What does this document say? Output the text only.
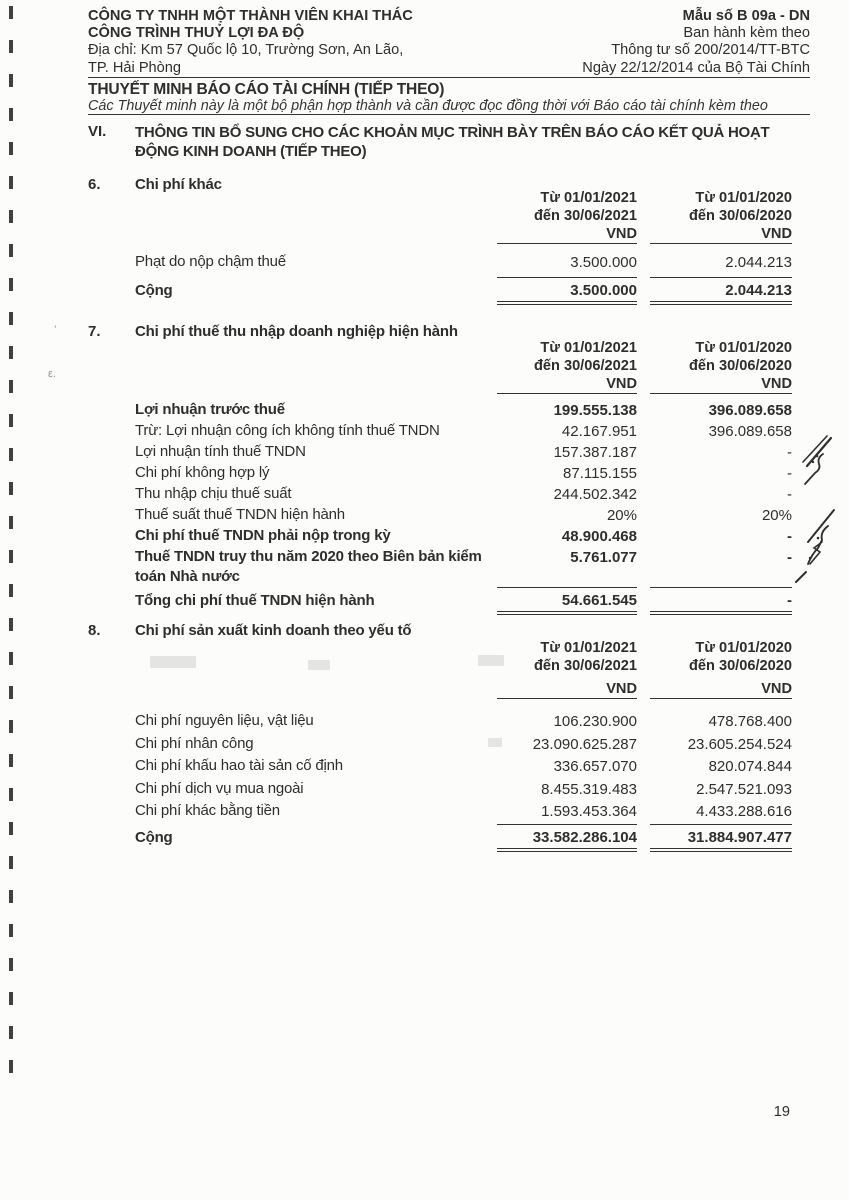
CÔNG TY TNHH MỘT THÀNH VIÊN KHAI THÁC
CÔNG TRÌNH THUỶ LỢI ĐA ĐỘ
Địa chỉ: Km 57 Quốc lộ 10, Trường Sơn, An Lão,
TP. Hải Phòng
Mẫu số B 09a - DN
Ban hành kèm theo
Thông tư số 200/2014/TT-BTC
Ngày 22/12/2014 của Bộ Tài Chính
THUYẾT MINH BÁO CÁO TÀI CHÍNH (TIẾP THEO)
Các Thuyết minh này là một bộ phận hợp thành và cần được đọc đồng thời với Báo cáo tài chính kèm theo
VI.	THÔNG TIN BỔ SUNG CHO CÁC KHOẢN MỤC TRÌNH BÀY TRÊN BÁO CÁO KẾT QUẢ HOẠT ĐỘNG KINH DOANH (TIẾP THEO)
6.	Chi phí khác
Từ 01/01/2021
đến 30/06/2021
VND
Từ 01/01/2020
đến 30/06/2020
VND
Phạt do nộp chậm thuế	3.500.000	2.044.213
Cộng	3.500.000	2.044.213
7.	Chi phí thuế thu nhập doanh nghiệp hiện hành
Từ 01/01/2021
đến 30/06/2021
VND
Từ 01/01/2020
đến 30/06/2020
VND
Lợi nhuận trước thuế	199.555.138	396.089.658
Trừ: Lợi nhuận công ích không tính thuế TNDN	42.167.951	396.089.658
Lợi nhuận tính thuế TNDN	157.387.187	-
Chi phí không hợp lý	87.115.155	-
Thu nhập chịu thuế suất	244.502.342	-
Thuế suất thuế TNDN hiện hành	20%	20%
Chi phí thuế TNDN phải nộp trong kỳ	48.900.468	-
Thuế TNDN truy thu năm 2020 theo Biên bản kiểm toán Nhà nước
5.761.077	-
Tổng chi phí thuế TNDN hiện hành	54.661.545	-
8.	Chi phí sản xuất kinh doanh theo yếu tố
Từ 01/01/2021
đến 30/06/2021
VND
Từ 01/01/2020
đến 30/06/2020
VND
Chi phí nguyên liệu, vật liệu	106.230.900	478.768.400
Chi phí nhân công	23.090.625.287	23.605.254.524
Chi phí khấu hao tài sản cố định	336.657.070	820.074.844
Chi phí dịch vụ mua ngoài	8.455.319.483	2.547.521.093
Chi phí khác bằng tiền	1.593.453.364	4.433.288.616
Cộng	33.582.286.104	31.884.907.477
’
ε.
19
